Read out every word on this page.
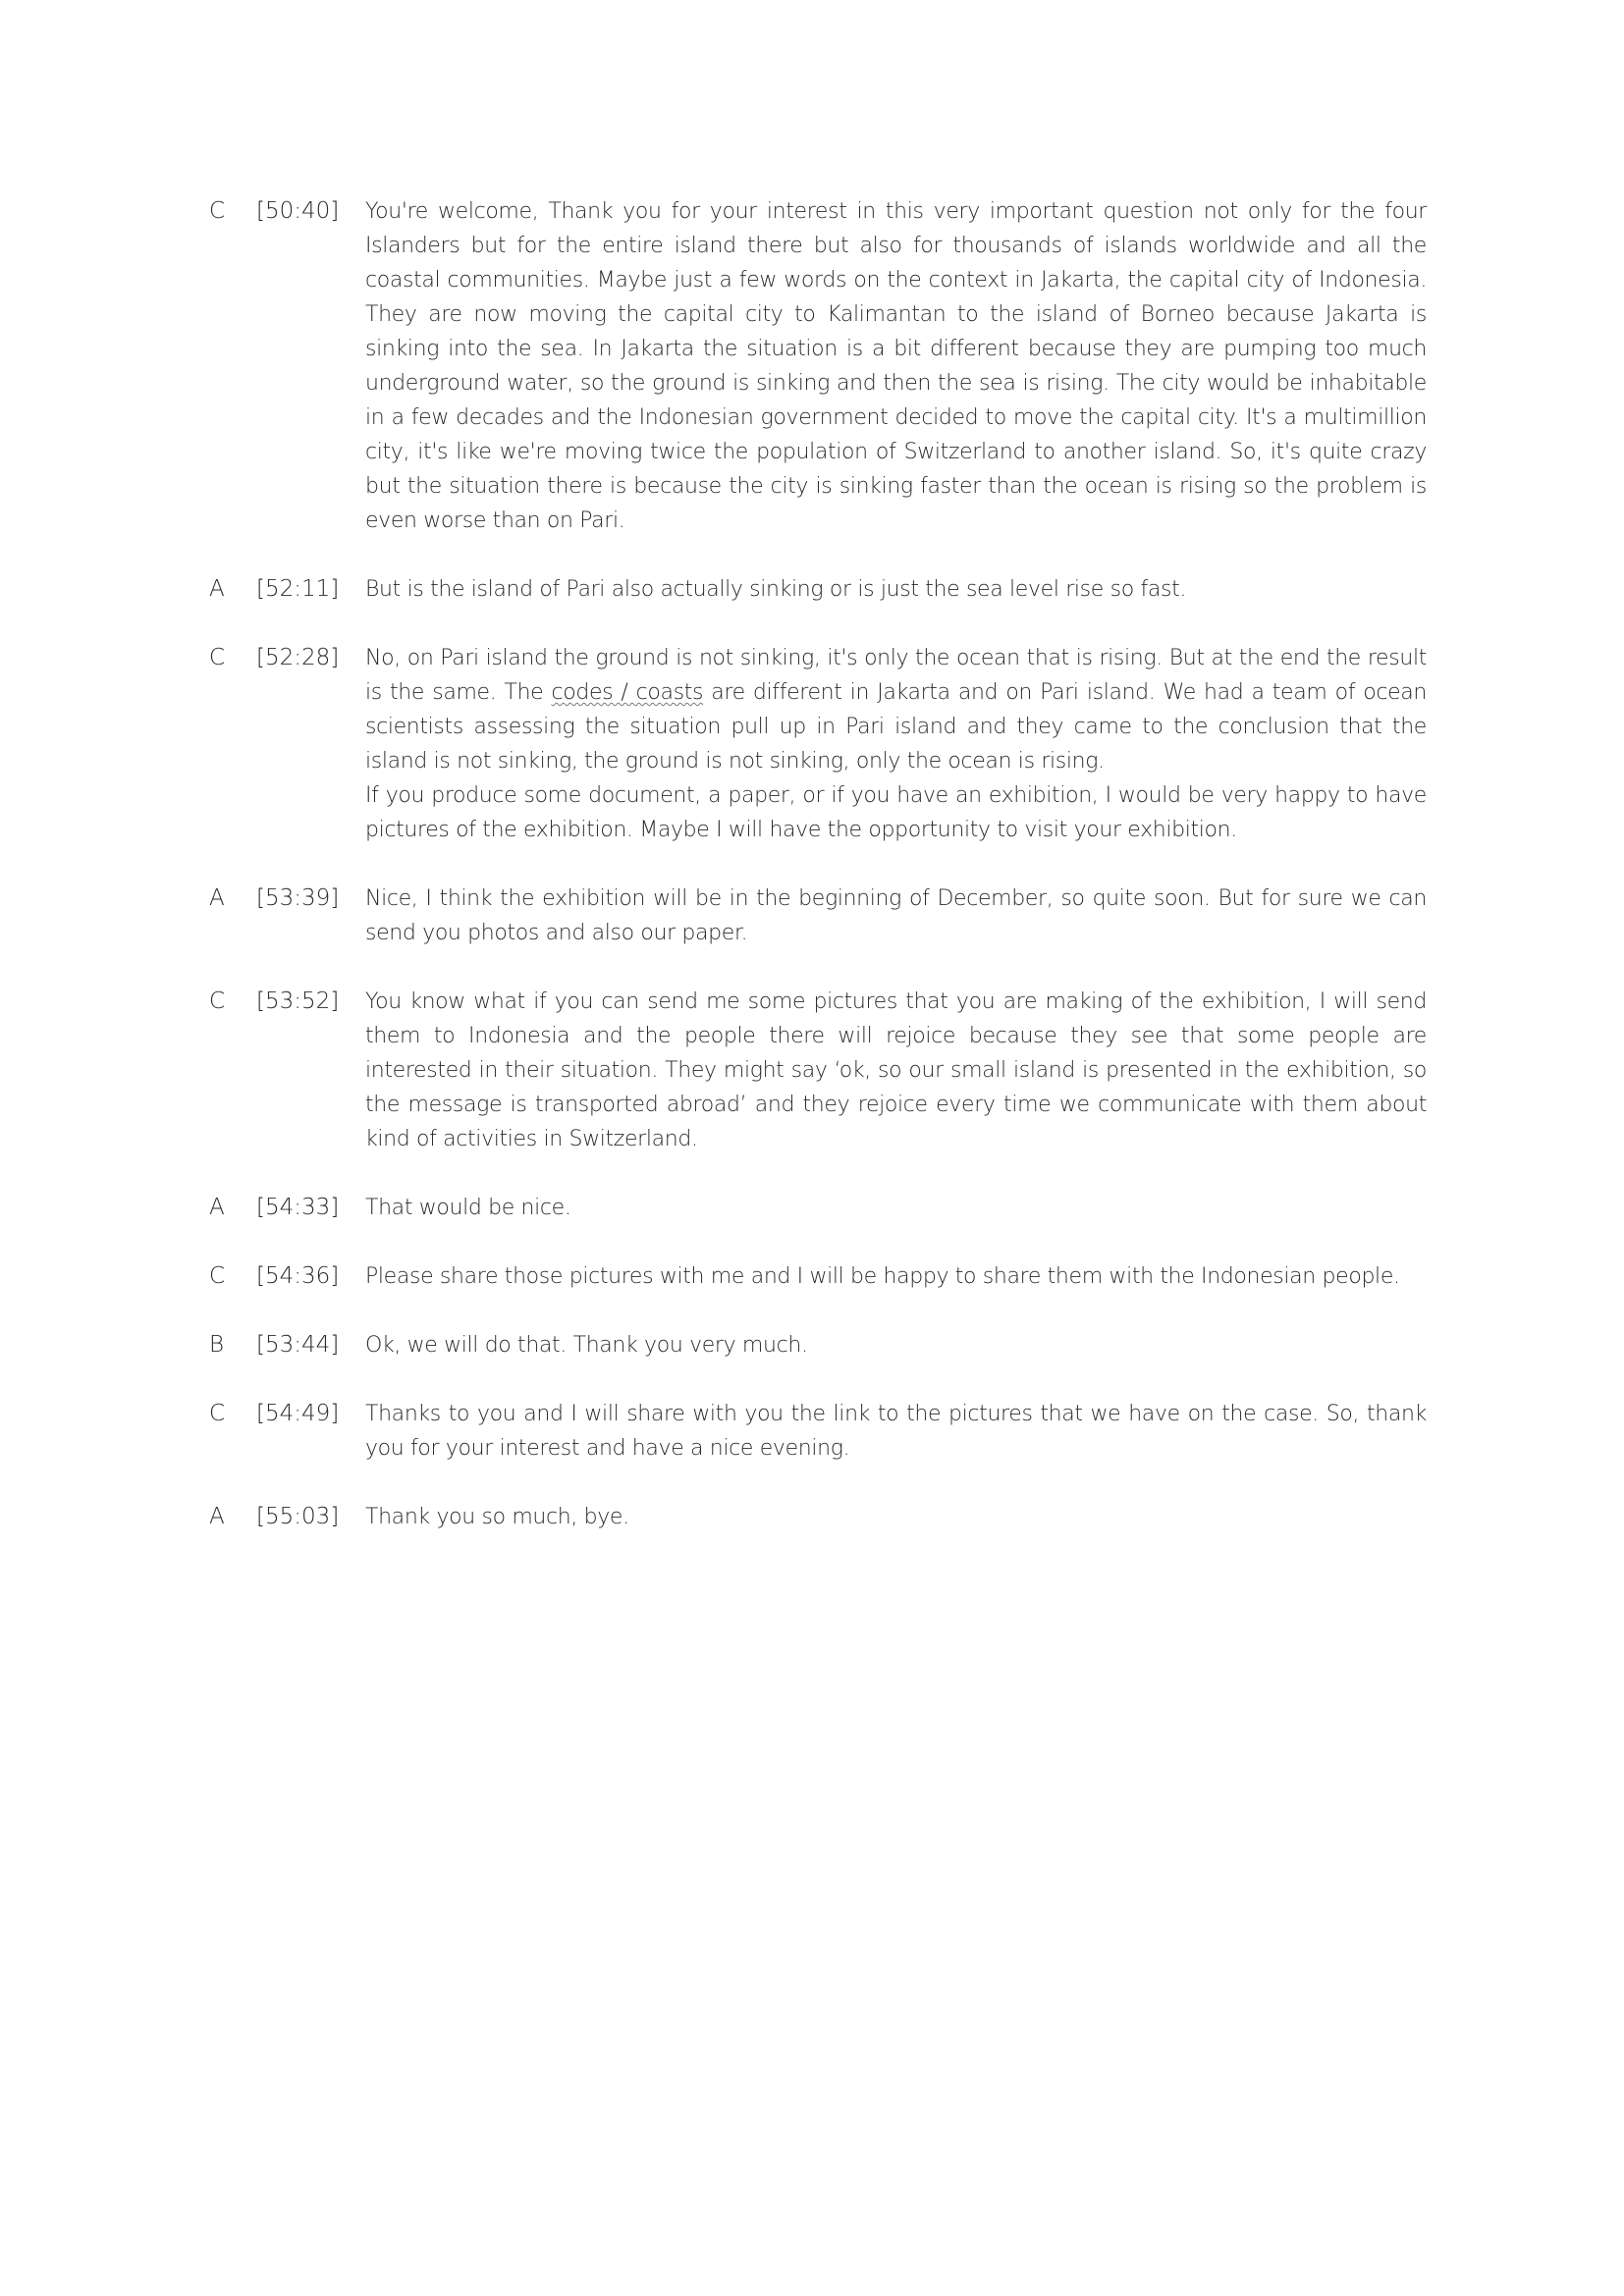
C	[50:40]	You're welcome, Thank you for your interest in this very important question not only for the four Islanders but for the entire island there but also for thousands of islands worldwide and all the coastal communities. Maybe just a few words on the context in Jakarta, the capital city of Indonesia. They are now moving the capital city to Kalimantan to the island of Borneo because Jakarta is sinking into the sea. In Jakarta the situation is a bit different because they are pumping too much underground water, so the ground is sinking and then the sea is rising. The city would be inhabitable in a few decades and the Indonesian government decided to move the capital city. It's a multimillion city, it's like we're moving twice the population of Switzerland to another island. So, it's quite crazy but the situation there is because the city is sinking faster than the ocean is rising so the problem is even worse than on Pari.

A	[52:11]	But is the island of Pari also actually sinking or is just the sea level rise so fast.

C	[52:28]	No, on Pari island the ground is not sinking, it's only the ocean that is rising. But at the end the result is the same. The codes / coasts are different in Jakarta and on Pari island. We had a team of ocean scientists assessing the situation pull up in Pari island and they came to the conclusion that the island is not sinking, the ground is not sinking, only the ocean is rising.

If you produce some document, a paper, or if you have an exhibition, I would be very happy to have pictures of the exhibition. Maybe I will have the opportunity to visit your exhibition.

A	[53:39]	Nice, I think the exhibition will be in the beginning of December, so quite soon. But for sure we can send you photos and also our paper.

C	[53:52]	You know what if you can send me some pictures that you are making of the exhibition, I will send them to Indonesia and the people there will rejoice because they see that some people are interested in their situation. They might say ‘ok, so our small island is presented in the exhibition, so the message is transported abroad’ and they rejoice every time we communicate with them about kind of activities in Switzerland.

A	[54:33]	That would be nice.

C	[54:36]	Please share those pictures with me and I will be happy to share them with the Indonesian people.

B	[53:44]	Ok, we will do that. Thank you very much.

C	[54:49]	Thanks to you and I will share with you the link to the pictures that we have on the case. So, thank you for your interest and have a nice evening.

A	[55:03]	Thank you so much, bye.
